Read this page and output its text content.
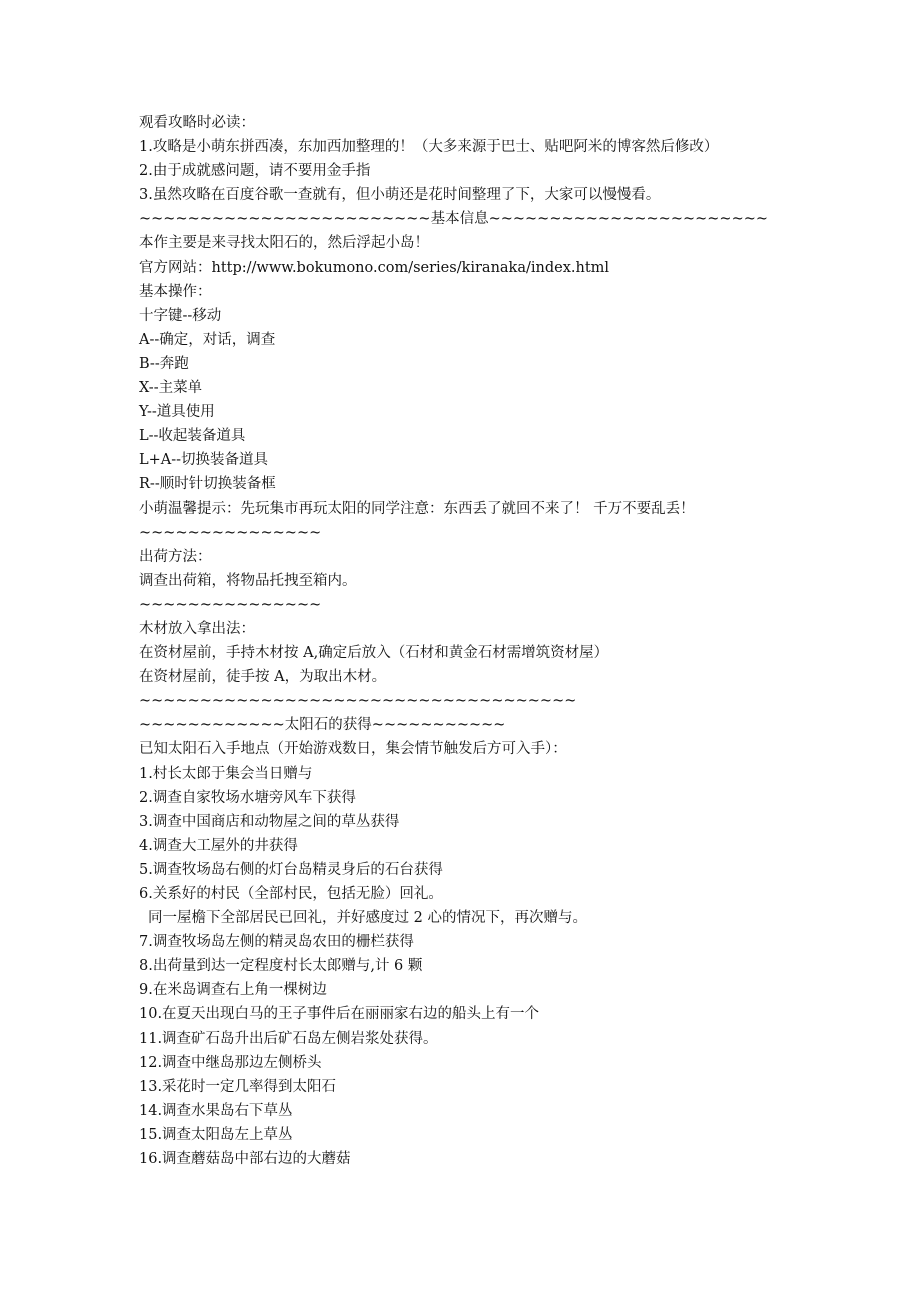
观看攻略时必读：
1.攻略是小萌东拼西凑，东加西加整理的！（大多来源于巴士、贴吧阿米的博客然后修改）
2.由于成就感问题，请不要用金手指
3.虽然攻略在百度谷歌一查就有，但小萌还是花时间整理了下，大家可以慢慢看。
~~~~~~~~~~~~~~~~~~~~~~~~基本信息~~~~~~~~~~~~~~~~~~~~~~~
本作主要是来寻找太阳石的，然后浮起小岛！
官方网站：http://www.bokumono.com/series/kiranaka/index.html
基本操作：
十字键--移动
A--确定，对话，调查
B--奔跑
X--主菜单
Y--道具使用
L--收起装备道具
L+A--切换装备道具
R--顺时针切换装备框
小萌温馨提示：先玩集市再玩太阳的同学注意：东西丢了就回不来了！ 千万不要乱丢！
~~~~~~~~~~~~~~~
出荷方法：
调查出荷箱，将物品托拽至箱内。
~~~~~~~~~~~~~~~
木材放入拿出法：
在资材屋前，手持木材按 A,确定后放入（石材和黄金石材需增筑资材屋）
在资材屋前，徒手按 A，为取出木材。
~~~~~~~~~~~~~~~~~~~~~~~~~~~~~~~~~~~~
~~~~~~~~~~~~太阳石的获得~~~~~~~~~~~
已知太阳石入手地点（开始游戏数日，集会情节触发后方可入手）：
1.村长太郎于集会当日赠与
2.调查自家牧场水塘旁风车下获得
3.调查中国商店和动物屋之间的草丛获得
4.调查大工屋外的井获得
5.调查牧场岛右侧的灯台岛精灵身后的石台获得
6.关系好的村民（全部村民，包括无脸）回礼。
同一屋檐下全部居民已回礼，并好感度过 2 心的情况下，再次赠与。
7.调查牧场岛左侧的精灵岛农田的栅栏获得
8.出荷量到达一定程度村长太郎赠与,计 6 颗
9.在米岛调查右上角一棵树边
10.在夏天出现白马的王子事件后在丽丽家右边的船头上有一个
11.调查矿石岛升出后矿石岛左侧岩浆处获得。
12.调查中继岛那边左侧桥头
13.采花时一定几率得到太阳石
14.调查水果岛右下草丛
15.调查太阳岛左上草丛
16.调查蘑菇岛中部右边的大蘑菇
